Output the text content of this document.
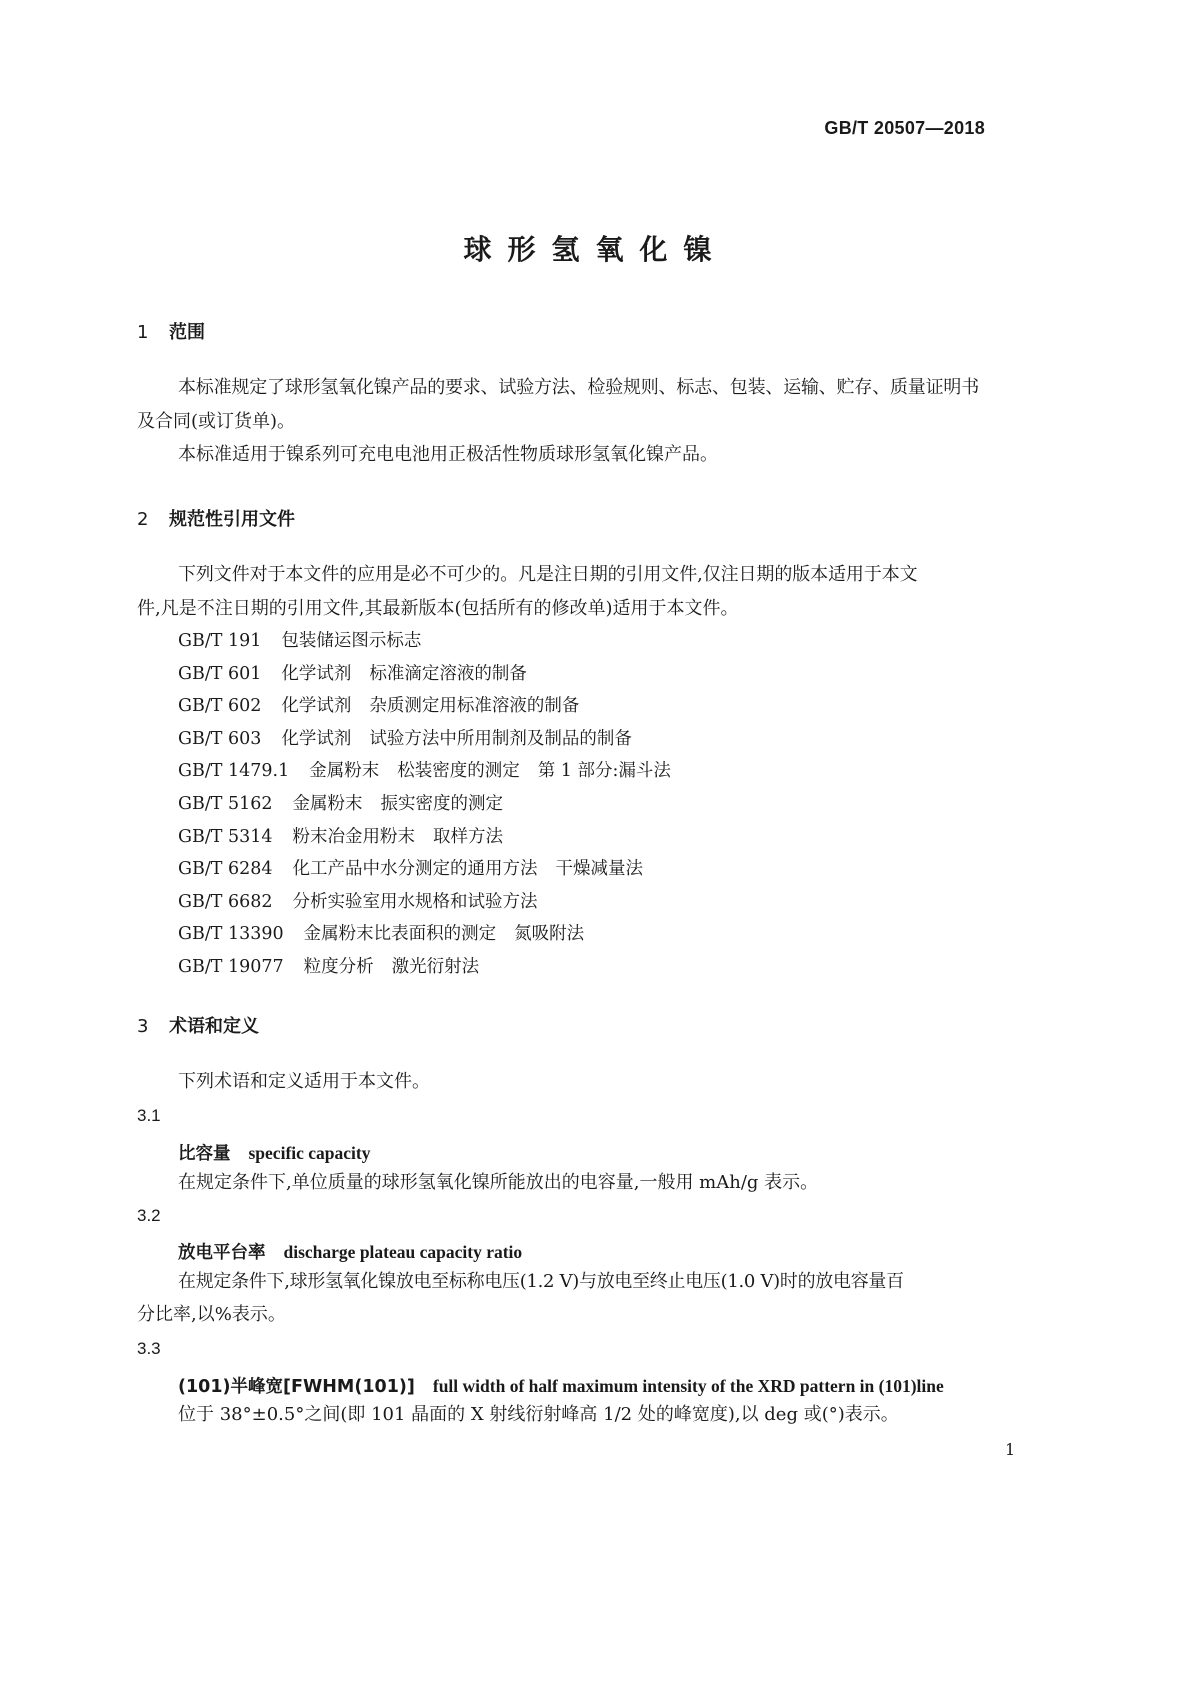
GB/T 20507—2018
球形氢氧化镍
1 范围
本标准规定了球形氢氧化镍产品的要求、试验方法、检验规则、标志、包装、运输、贮存、质量证明书
及合同(或订货单)。
本标准适用于镍系列可充电电池用正极活性物质球形氢氧化镍产品。
2 规范性引用文件
下列文件对于本文件的应用是必不可少的。凡是注日期的引用文件,仅注日期的版本适用于本文
件,凡是不注日期的引用文件,其最新版本(包括所有的修改单)适用于本文件。
GB/T 191 包装储运图示标志
GB/T 601 化学试剂 标准滴定溶液的制备
GB/T 602 化学试剂 杂质测定用标准溶液的制备
GB/T 603 化学试剂 试验方法中所用制剂及制品的制备
GB/T 1479.1 金属粉末 松装密度的测定 第 1 部分:漏斗法
GB/T 5162 金属粉末 振实密度的测定
GB/T 5314 粉末冶金用粉末 取样方法
GB/T 6284 化工产品中水分测定的通用方法 干燥减量法
GB/T 6682 分析实验室用水规格和试验方法
GB/T 13390 金属粉末比表面积的测定 氮吸附法
GB/T 19077 粒度分析 激光衍射法
3 术语和定义
下列术语和定义适用于本文件。
3.1
比容量 specific capacity
在规定条件下,单位质量的球形氢氧化镍所能放出的电容量,一般用 mAh/g 表示。
3.2
放电平台率 discharge plateau capacity ratio
在规定条件下,球形氢氧化镍放电至标称电压(1.2 V)与放电至终止电压(1.0 V)时的放电容量百
分比率,以%表示。
3.3
(101)半峰宽[FWHM(101)] full width of half maximum intensity of the XRD pattern in (101)line
位于 38°±0.5°之间(即 101 晶面的 X 射线衍射峰高 1/2 处的峰宽度),以 deg 或(°)表示。
1
